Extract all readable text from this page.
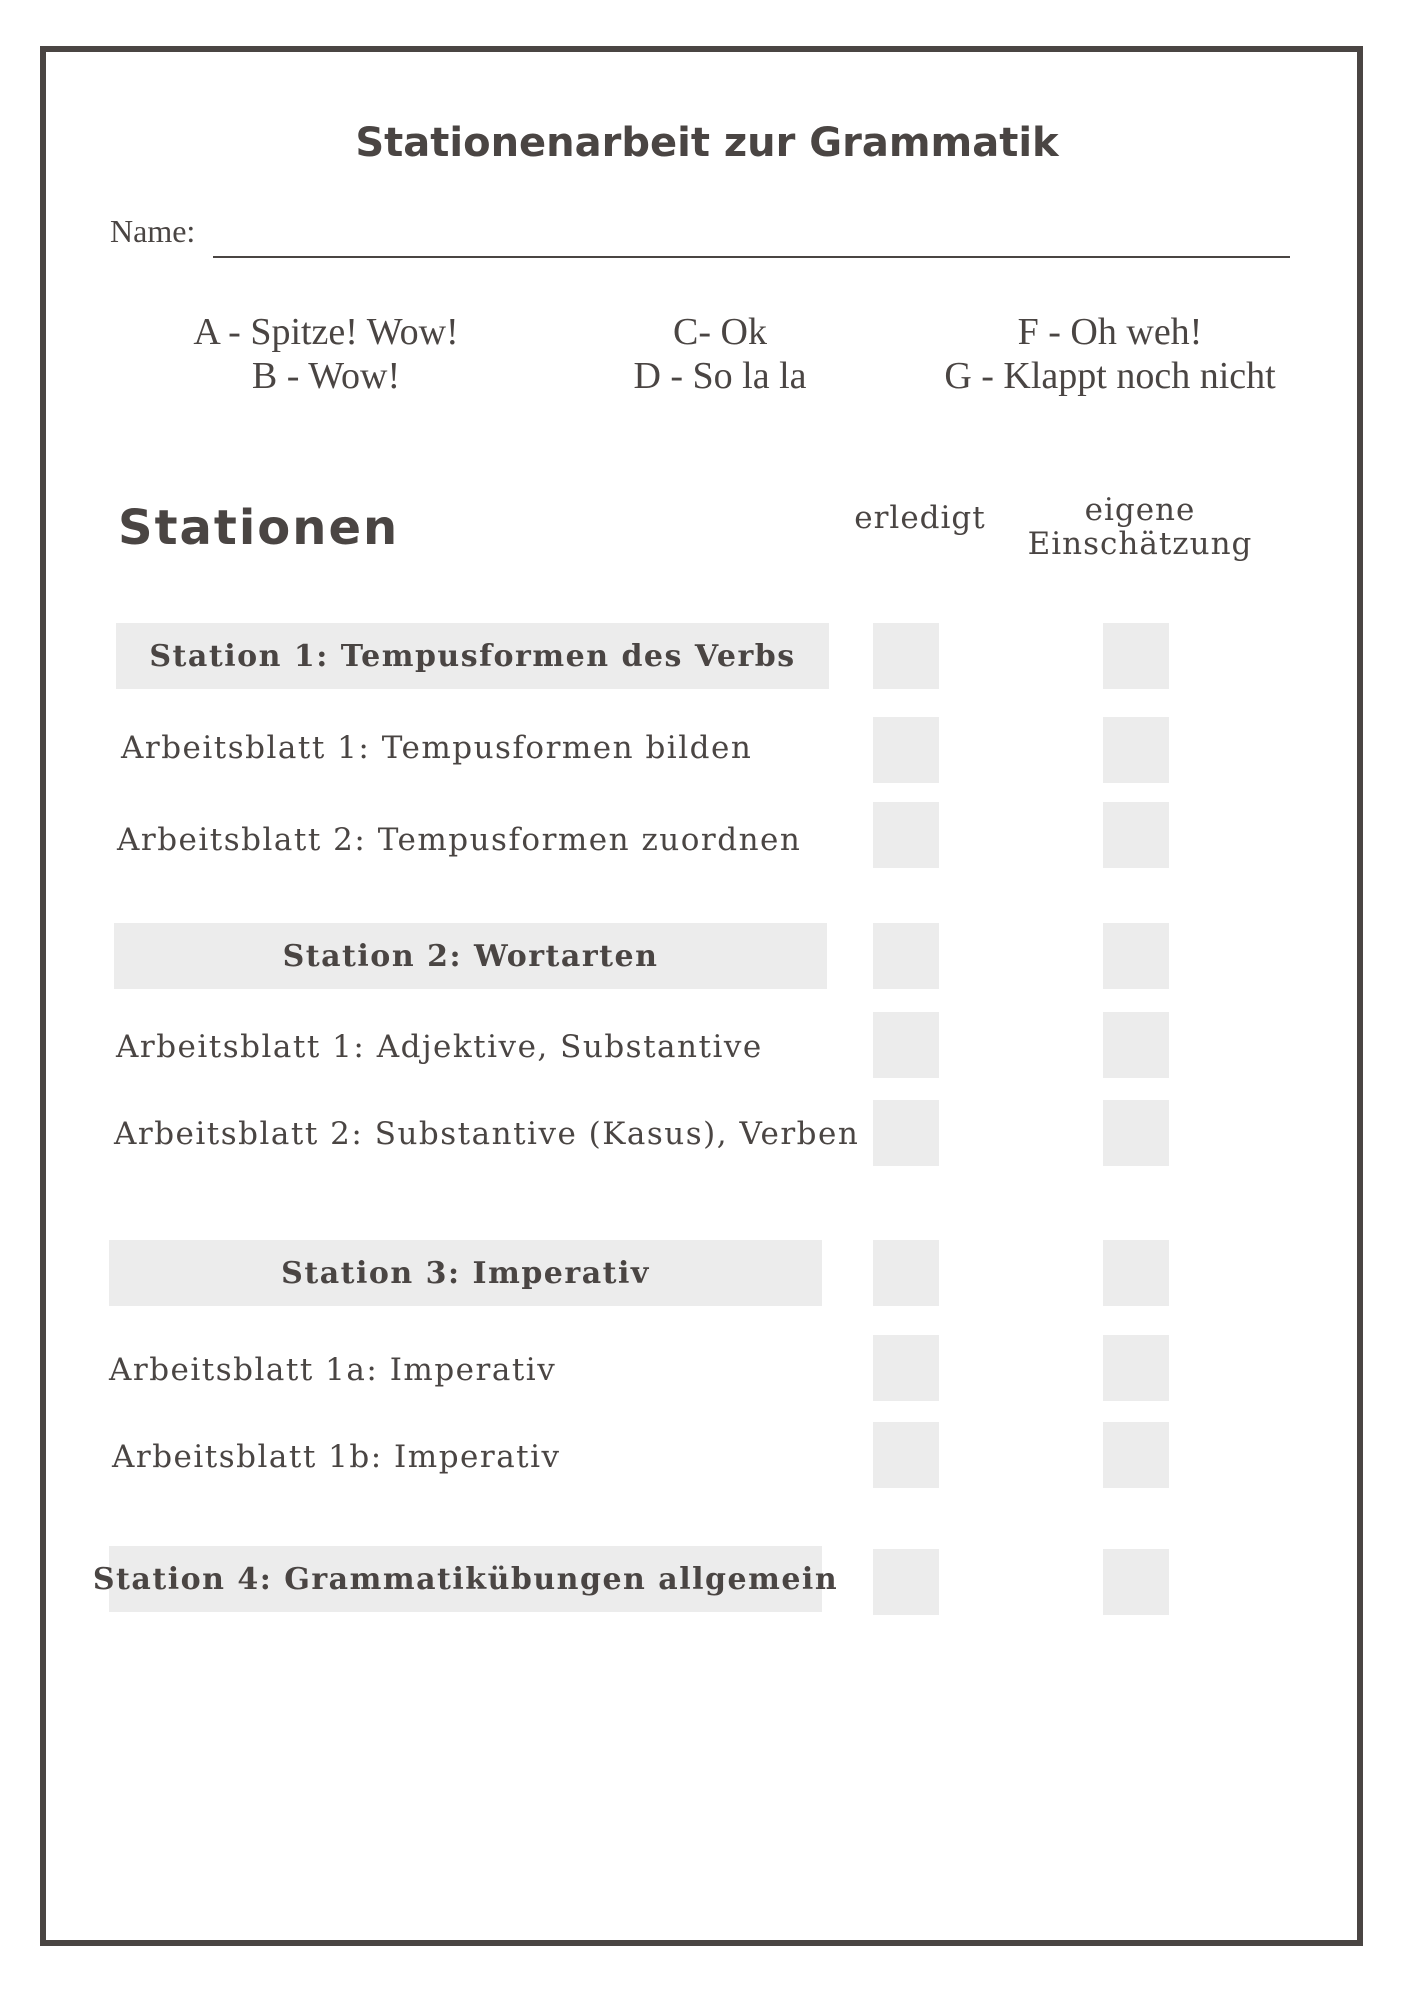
Stationenarbeit zur Grammatik
Name:
A - Spitze! Wow!
B - Wow!
C- Ok
D - So la la
F - Oh weh!
G - Klappt noch nicht
Stationen	erledigt	eigene
Einschätzung
Station 1: Tempusformen des Verbs
Arbeitsblatt 1: Tempusformen bilden
Arbeitsblatt 2: Tempusformen zuordnen
Station 2: Wortarten
Arbeitsblatt 1: Adjektive, Substantive
Arbeitsblatt 2: Substantive (Kasus), Verben
Station 3: Imperativ
Arbeitsblatt 1a: Imperativ
Arbeitsblatt 1b: Imperativ
Station 4: Grammatikübungen allgemein
